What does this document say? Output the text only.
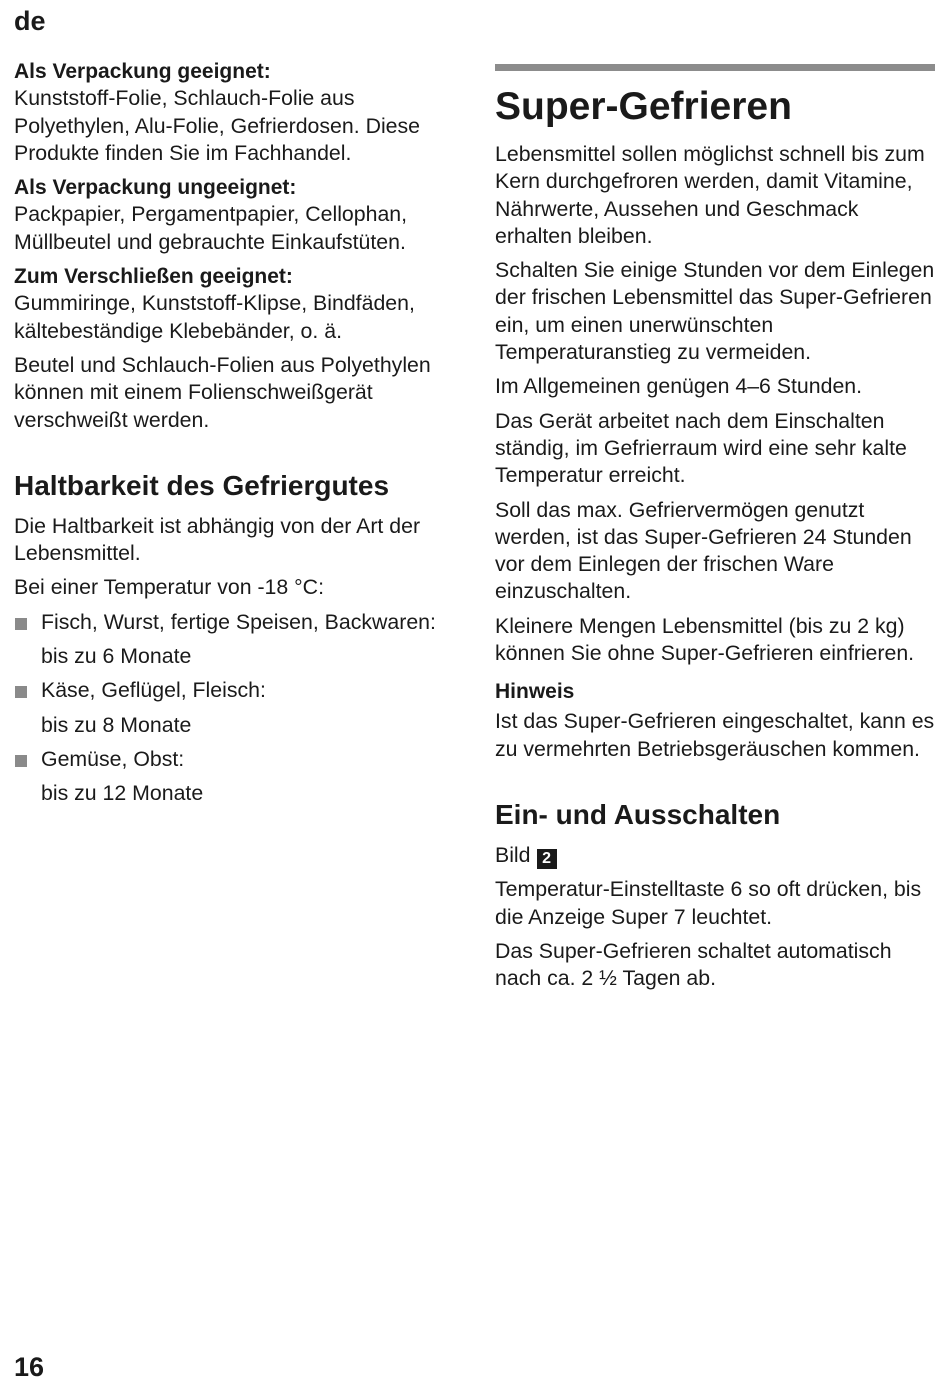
de

Als Verpackung geeignet:
Kunststoff-Folie, Schlauch-Folie aus Polyethylen, Alu-Folie, Gefrierdosen. Diese Produkte finden Sie im Fachhandel.

Als Verpackung ungeeignet:
Packpapier, Pergamentpapier, Cellophan, Müllbeutel und gebrauchte Einkaufstüten.

Zum Verschließen geeignet:
Gummiringe, Kunststoff-Klipse, Bindfäden, kältebeständige Klebebänder, o. ä.

Beutel und Schlauch-Folien aus Polyethylen können mit einem Folienschweißgerät verschweißt werden.

Haltbarkeit des Gefriergutes

Die Haltbarkeit ist abhängig von der Art der Lebensmittel.

Bei einer Temperatur von -18 °C:

Fisch, Wurst, fertige Speisen, Backwaren:

bis zu 6 Monate

Käse, Geflügel, Fleisch:

bis zu 8 Monate

Gemüse, Obst:

bis zu 12 Monate

Super-Gefrieren

Lebensmittel sollen möglichst schnell bis zum Kern durchgefroren werden, damit Vitamine, Nährwerte, Aussehen und Geschmack erhalten bleiben.

Schalten Sie einige Stunden vor dem Einlegen der frischen Lebensmittel das Super-Gefrieren ein, um einen unerwünschten Temperaturanstieg zu vermeiden.

Im Allgemeinen genügen 4–6 Stunden.

Das Gerät arbeitet nach dem Einschalten ständig, im Gefrierraum wird eine sehr kalte Temperatur erreicht.

Soll das max. Gefriervermögen genutzt werden, ist das Super-Gefrieren 24 Stunden vor dem Einlegen der frischen Ware einzuschalten.

Kleinere Mengen Lebensmittel (bis zu 2 kg) können Sie ohne Super-Gefrieren einfrieren.

Hinweis

Ist das Super-Gefrieren eingeschaltet, kann es zu vermehrten Betriebsgeräuschen kommen.

Ein- und Ausschalten

Bild 2

Temperatur-Einstelltaste 6 so oft drücken, bis die Anzeige Super 7 leuchtet.

Das Super-Gefrieren schaltet automatisch nach ca. 2 ½ Tagen ab.

16
